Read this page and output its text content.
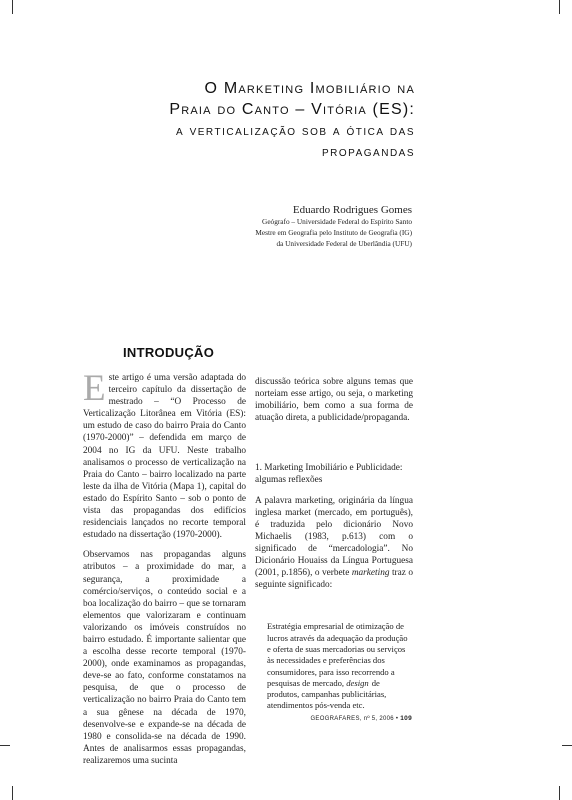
O Marketing Imobiliário na
Praia do Canto – Vitória (ES):
a verticalização sob a ótica das
propagandas
Eduardo Rodrigues Gomes
Geógrafo – Universidade Federal do Espírito Santo
Mestre em Geografia pelo Instituto de Geografia (IG)
da Universidade Federal de Uberlândia (UFU)
INTRODUÇÃO

Este artigo é uma versão adaptada do terceiro capítulo da dissertação de mestrado – “O Processo de Verticalização Litorânea em Vitória (ES): um estudo de caso do bairro Praia do Canto (1970-2000)” – defendida em março de 2004 no IG da UFU. Neste trabalho analisamos o processo de verticalização na Praia do Canto – bairro localizado na parte leste da ilha de Vitória (Mapa 1), capital do estado do Espírito Santo – sob o ponto de vista das propagandas dos edifícios residenciais lançados no recorte temporal estudado na dissertação (1970-2000).

Observamos nas propagandas alguns atributos – a proximidade do mar, a segurança, a proximidade a comércio/serviços, o conteúdo social e a boa localização do bairro – que se tornaram elementos que valorizaram e continuam valorizando os imóveis construídos no bairro estudado. É importante salientar que a escolha desse recorte temporal (1970-2000), onde examinamos as propagandas, deve-se ao fato, conforme constatamos na pesquisa, de que o processo de verticalização no bairro Praia do Canto tem a sua gênese na década de 1970, desenvolve-se e expande-se na década de 1980 e consolida-se na década de 1990. Antes de analisarmos essas propagandas, realizaremos uma sucinta

discussão teórica sobre alguns temas que norteiam esse artigo, ou seja, o marketing imobiliário, bem como a sua forma de atuação direta, a publicidade/propaganda.

1. Marketing Imobiliário e Publicidade: algumas reflexões

A palavra marketing, originária da língua inglesa market (mercado, em português), é traduzida pelo dicionário Novo Michaelis (1983, p.613) com o significado de “mercadologia”. No Dicionário Houaiss da Língua Portuguesa (2001, p.1856), o verbete marketing traz o seguinte significado:

Estratégia empresarial de otimização de lucros através da adequação da produção e oferta de suas mercadorias ou serviços às necessidades e preferências dos consumidores, para isso recorrendo a pesquisas de mercado, design de produtos, campanhas publicitárias, atendimentos pós-venda etc.

GEOGRAFARES, nº 5, 2006 • 109
